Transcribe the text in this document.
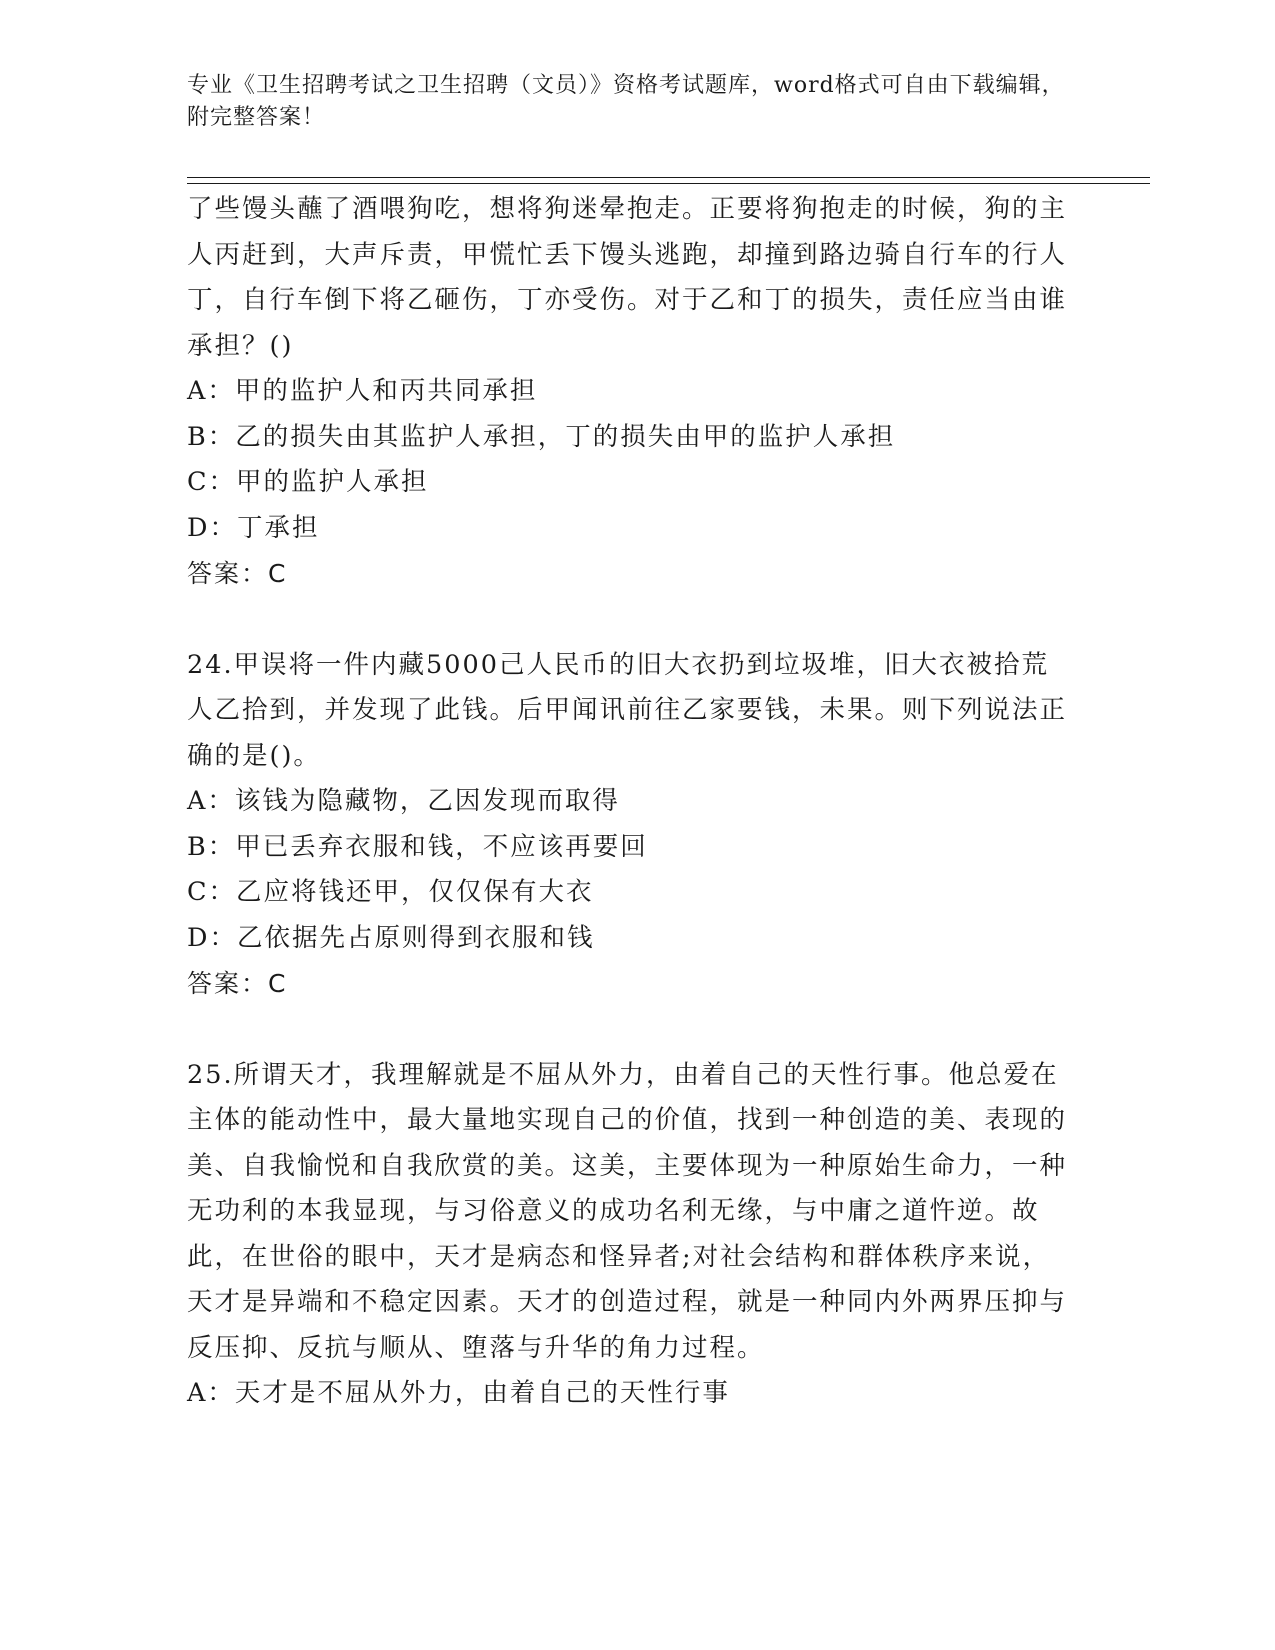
专业《卫生招聘考试之卫生招聘（文员）》资格考试题库，word格式可自由下载编辑，附完整答案！

了些馒头蘸了酒喂狗吃，想将狗迷晕抱走。正要将狗抱走的时候，狗的主人丙赶到，大声斥责，甲慌忙丢下馒头逃跑，却撞到路边骑自行车的行人丁，自行车倒下将乙砸伤，丁亦受伤。对于乙和丁的损失，责任应当由谁承担？()

A：甲的监护人和丙共同承担

B：乙的损失由其监护人承担，丁的损失由甲的监护人承担

C：甲的监护人承担

D：丁承担

答案：C

24.甲误将一件内藏5000己人民币的旧大衣扔到垃圾堆，旧大衣被拾荒人乙拾到，并发现了此钱。后甲闻讯前往乙家要钱，未果。则下列说法正确的是()。

A：该钱为隐藏物，乙因发现而取得

B：甲已丢弃衣服和钱，不应该再要回

C：乙应将钱还甲，仅仅保有大衣

D：乙依据先占原则得到衣服和钱

答案：C

25.所谓天才，我理解就是不屈从外力，由着自己的天性行事。他总爱在主体的能动性中，最大量地实现自己的价值，找到一种创造的美、表现的美、自我愉悦和自我欣赏的美。这美，主要体现为一种原始生命力，一种无功利的本我显现，与习俗意义的成功名利无缘，与中庸之道忤逆。故此，在世俗的眼中，天才是病态和怪异者;对社会结构和群体秩序来说，天才是异端和不稳定因素。天才的创造过程，就是一种同内外两界压抑与反压抑、反抗与顺从、堕落与升华的角力过程。

A：天才是不屈从外力，由着自己的天性行事
